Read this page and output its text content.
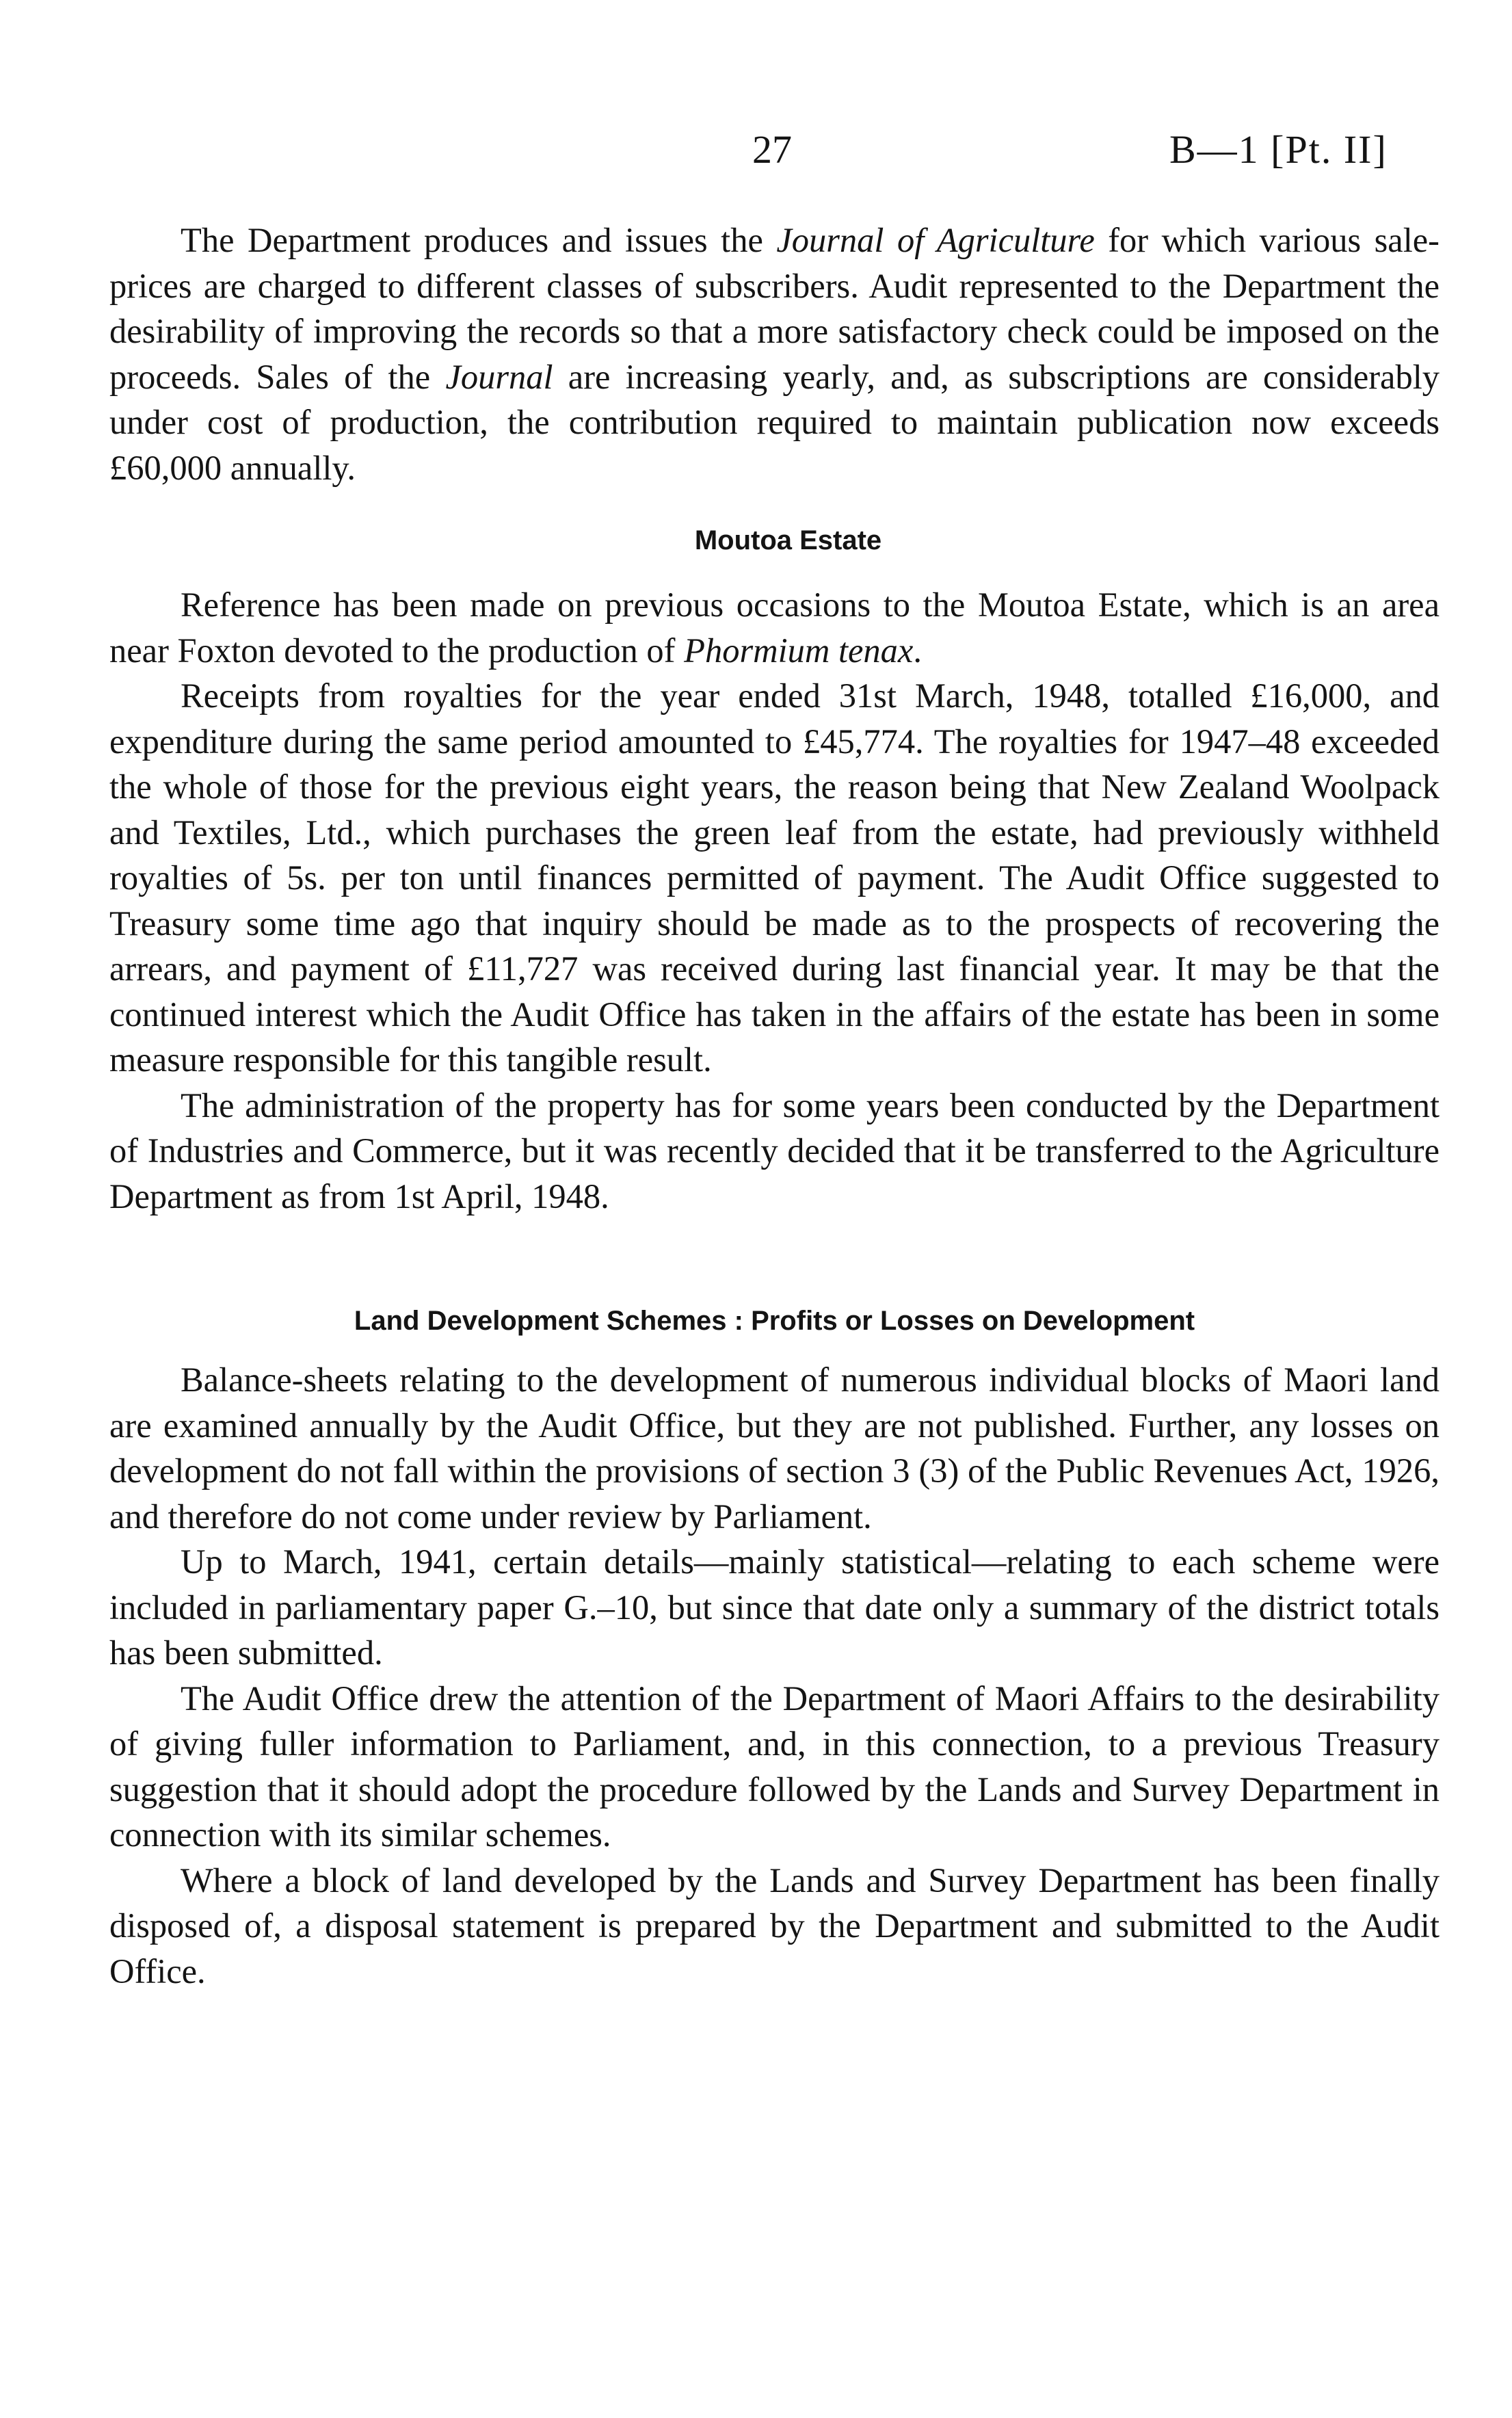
27	B—1 [Pt. II]

The Department produces and issues the Journal of Agriculture for which various sale-prices are charged to different classes of subscribers. Audit represented to the Department the desirability of improving the records so that a more satisfactory check could be imposed on the proceeds. Sales of the Journal are increasing yearly, and, as subscriptions are considerably under cost of production, the contribution required to maintain publication now exceeds £60,000 annually.

Moutoa Estate

Reference has been made on previous occasions to the Moutoa Estate, which is an area near Foxton devoted to the production of Phormium tenax.

Receipts from royalties for the year ended 31st March, 1948, totalled £16,000, and expenditure during the same period amounted to £45,774. The royalties for 1947–48 exceeded the whole of those for the previous eight years, the reason being that New Zealand Woolpack and Textiles, Ltd., which purchases the green leaf from the estate, had previously withheld royalties of 5s. per ton until finances permitted of payment. The Audit Office suggested to Treasury some time ago that inquiry should be made as to the prospects of recovering the arrears, and payment of £11,727 was received during last financial year. It may be that the continued interest which the Audit Office has taken in the affairs of the estate has been in some measure responsible for this tangible result.

The administration of the property has for some years been conducted by the Department of Industries and Commerce, but it was recently decided that it be transferred to the Agriculture Department as from 1st April, 1948.

Land Development Schemes : Profits or Losses on Development

Balance-sheets relating to the development of numerous individual blocks of Maori land are examined annually by the Audit Office, but they are not published. Further, any losses on development do not fall within the provisions of section 3 (3) of the Public Revenues Act, 1926, and therefore do not come under review by Parliament.

Up to March, 1941, certain details—mainly statistical—relating to each scheme were included in parliamentary paper G.–10, but since that date only a summary of the district totals has been submitted.

The Audit Office drew the attention of the Department of Maori Affairs to the desirability of giving fuller information to Parliament, and, in this connection, to a previous Treasury suggestion that it should adopt the procedure followed by the Lands and Survey Department in connection with its similar schemes.

Where a block of land developed by the Lands and Survey Department has been finally disposed of, a disposal statement is prepared by the Department and submitted to the Audit Office.
